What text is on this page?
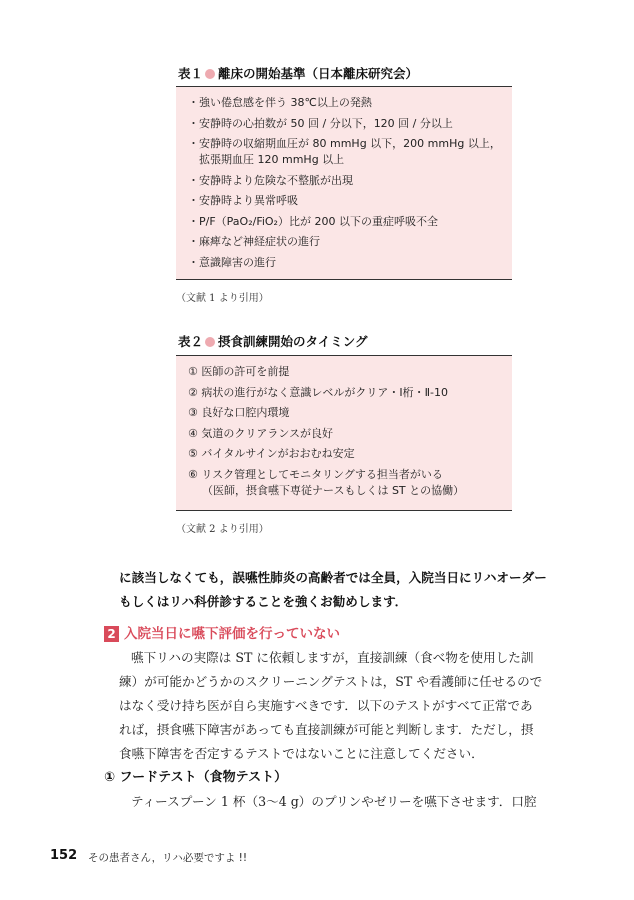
表１ 離床の開始基準（日本離床研究会）
・強い倦怠感を伴う 38℃以上の発熱
・安静時の心拍数が 50 回 / 分以下，120 回 / 分以上
・安静時の収縮期血圧が 80 mmHg 以下，200 mmHg 以上，
拡張期血圧 120 mmHg 以上
・安静時より危険な不整脈が出現
・安静時より異常呼吸
・P/F（PaO₂/FiO₂）比が 200 以下の重症呼吸不全
・麻痺など神経症状の進行
・意識障害の進行
（文献 1 より引用）
表２ 摂食訓練開始のタイミング
① 医師の許可を前提
② 病状の進行がなく意識レベルがクリア・Ⅰ桁・Ⅱ-10
③ 良好な口腔内環境
④ 気道のクリアランスが良好
⑤ バイタルサインがおおむね安定
⑥ リスク管理としてモニタリングする担当者がいる
（医師，摂食嚥下専従ナースもしくは ST との協働）
（文献 2 より引用）
に該当しなくても，誤嚥性肺炎の高齢者では全員，入院当日にリハオーダー
もしくはリハ科併診することを強くお勧めします．
2 入院当日に嚥下評価を行っていない
嚥下リハの実際は ST に依頼しますが，直接訓練（食べ物を使用した訓
練）が可能かどうかのスクリーニングテストは，ST や看護師に任せるので
はなく受け持ち医が自ら実施すべきです．以下のテストがすべて正常であ
れば，摂食嚥下障害があっても直接訓練が可能と判断します．ただし，摂
食嚥下障害を否定するテストではないことに注意してください．
① フードテスト（食物テスト）
ティースプーン 1 杯（3～4 g）のプリンやゼリーを嚥下させます．口腔
152 その患者さん，リハ必要ですよ !!
